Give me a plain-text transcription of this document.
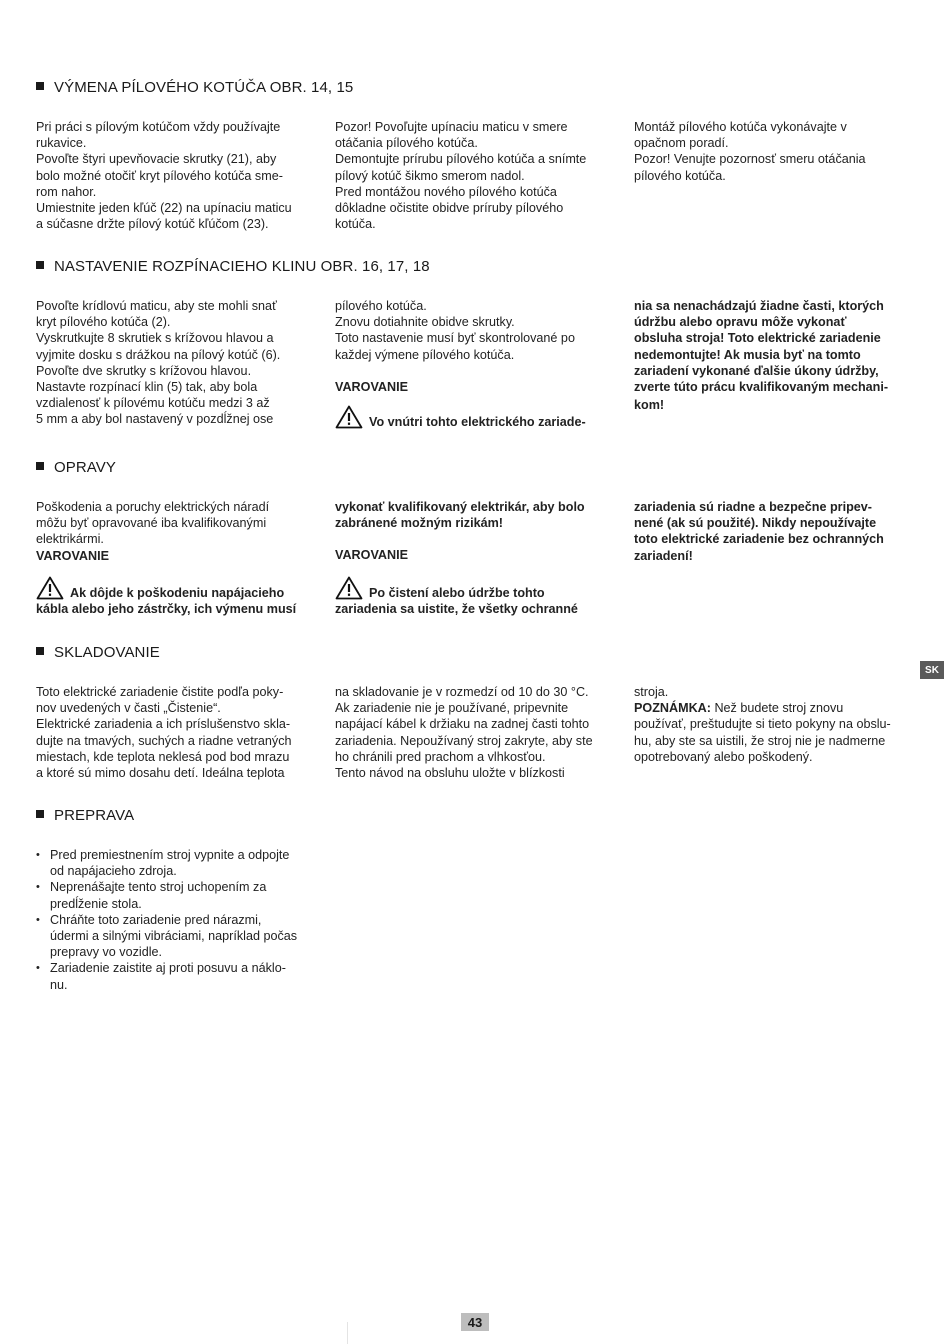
VÝMENA PÍLOVÉHO KOTÚČA OBR. 14, 15

Pri práci s pílovým kotúčom vždy používajte

rukavice.

Povoľte štyri upevňovacie skrutky (21), aby

bolo možné otočiť kryt pílového kotúča sme-

rom nahor.

Umiestnite jeden kľúč (22) na upínaciu maticu

a súčasne držte pílový kotúč kľúčom (23).

Pozor! Povoľujte upínaciu maticu v smere

otáčania pílového kotúča.

Demontujte prírubu pílového kotúča a snímte

pílový kotúč šikmo smerom nadol.

Pred montážou nového pílového kotúča

dôkladne očistite obidve príruby pílového

kotúča.

Montáž pílového kotúča vykonávajte v

opačnom poradí.

Pozor! Venujte pozornosť smeru otáčania

pílového kotúča.

NASTAVENIE ROZPÍNACIEHO KLINU OBR. 16, 17, 18

Povoľte krídlovú maticu, aby ste mohli snať

kryt pílového kotúča (2).

Vyskrutkujte 8 skrutiek s krížovou hlavou a

vyjmite dosku s drážkou na pílový kotúč (6).

Povoľte dve skrutky s krížovou hlavou.

Nastavte rozpínací klin (5) tak, aby bola

vzdialenosť k pílovému kotúču medzi 3 až

5 mm a aby bol nastavený v pozdĺžnej ose

pílového kotúča.

Znovu dotiahnite obidve skrutky.

Toto nastavenie musí byť skontrolované po

každej výmene pílového kotúča.

VAROVANIE

Vo vnútri tohto elektrického zariade-

nia sa nenachádzajú žiadne časti, ktorých

údržbu alebo opravu môže vykonať

obsluha stroja! Toto elektrické zariadenie

nedemontujte! Ak musia byť na tomto

zariadení vykonané ďalšie úkony údržby,

zverte túto prácu kvalifikovaným mechani-

kom!

OPRAVY

Poškodenia a poruchy elektrických náradí

môžu byť opravované iba kvalifikovanými

elektrikármi.

VAROVANIE

Ak dôjde k poškodeniu napájacieho

kábla alebo jeho zástrčky, ich výmenu musí

vykonať kvalifikovaný elektrikár, aby bolo

zabránené možným rizikám!

VAROVANIE

Po čistení alebo údržbe tohto

zariadenia sa uistite, že všetky ochranné

zariadenia sú riadne a bezpečne pripev-

nené (ak sú použité). Nikdy nepoužívajte

toto elektrické zariadenie bez ochranných

zariadení!

SKLADOVANIE

Toto elektrické zariadenie čistite podľa poky-

nov uvedených v časti „Čistenie“.

Elektrické zariadenia a ich príslušenstvo skla-

dujte na tmavých, suchých a riadne vetraných

miestach, kde teplota neklesá pod bod mrazu

a ktoré sú mimo dosahu detí. Ideálna teplota

na skladovanie je v rozmedzí od 10 do 30 °C.

Ak zariadenie nie je používané, pripevnite

napájací kábel k držiaku na zadnej časti tohto

zariadenia. Nepoužívaný stroj zakryte, aby ste

ho chránili pred prachom a vlhkosťou.

Tento návod na obsluhu uložte v blízkosti

stroja.

POZNÁMKA: Než budete stroj znovu

používať, preštudujte si tieto pokyny na obslu-

hu, aby ste sa uistili, že stroj nie je nadmerne

opotrebovaný alebo poškodený.

PREPRAVA
• Pred premiestnením stroj vypnite a odpojte
od napájacieho zdroja.
• Neprenášajte tento stroj uchopením za
predĺženie stola.
• Chráňte toto zariadenie pred nárazmi,
údermi a silnými vibráciami, napríklad počas
prepravy vo vozidle.
• Zariadenie zaistite aj proti posuvu a náklo-
nu.
SK
43
